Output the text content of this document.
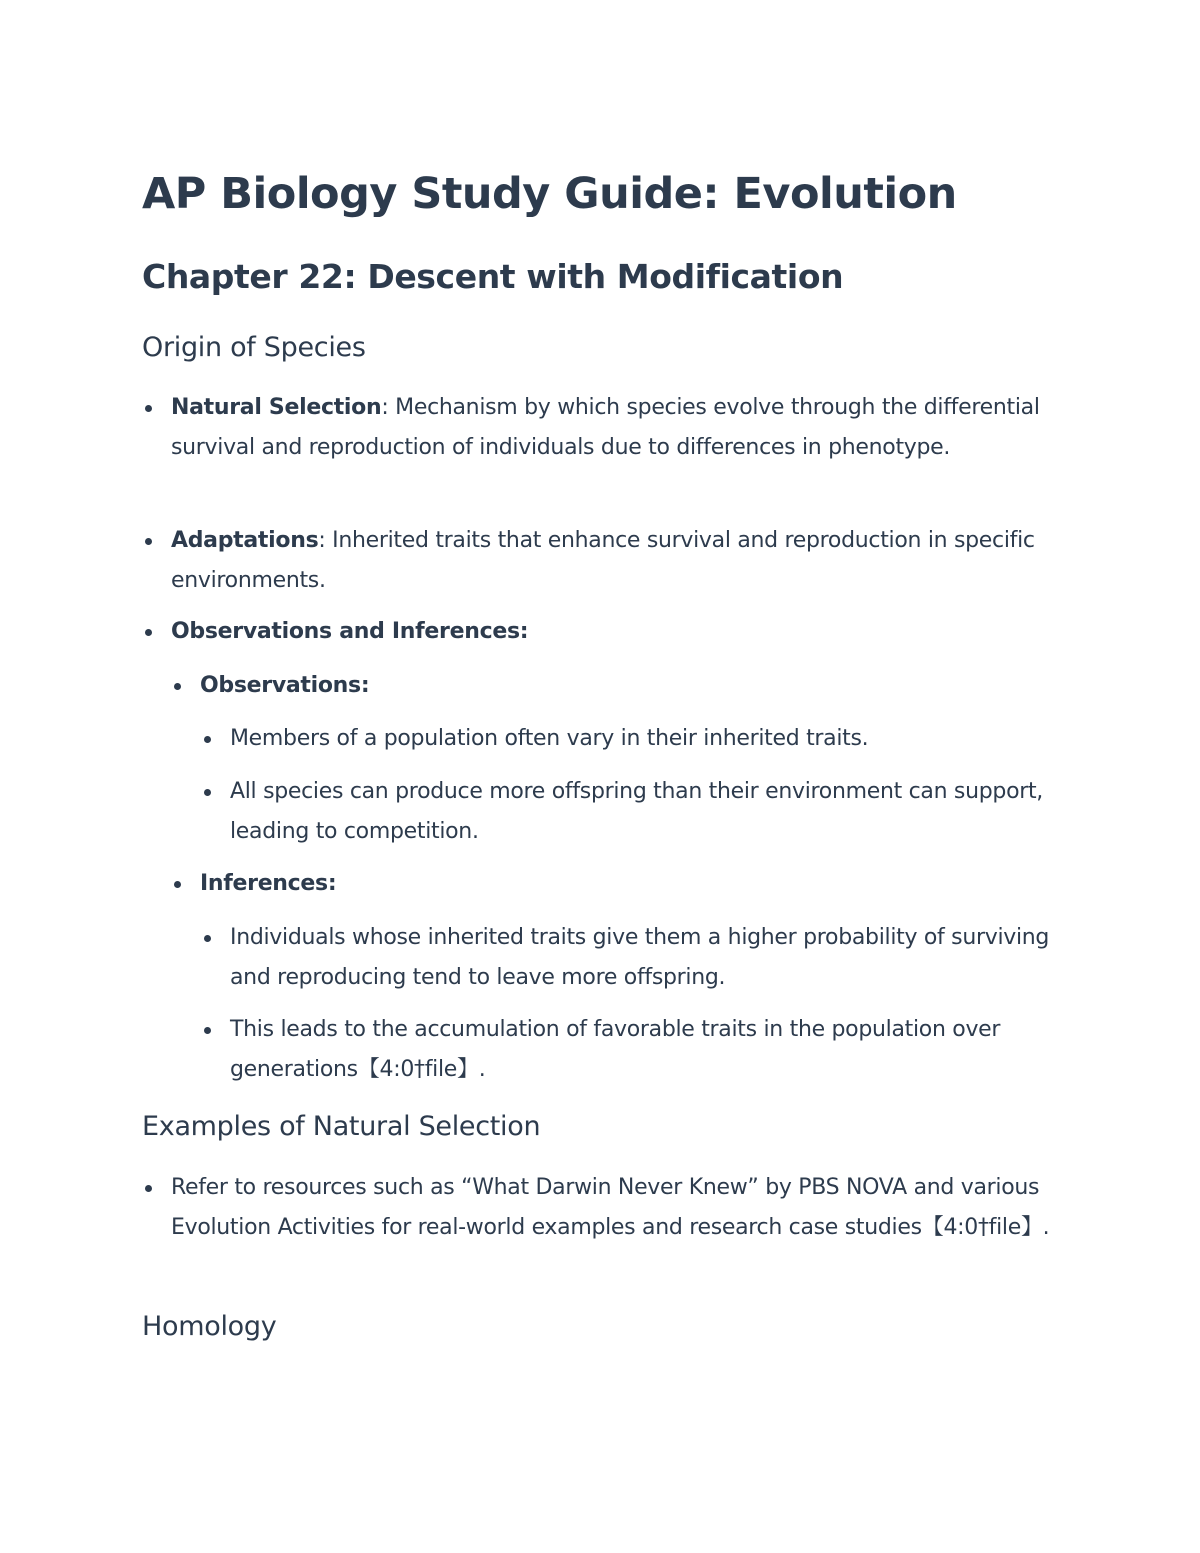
AP Biology Study Guide: Evolution
Chapter 22: Descent with Modification
Origin of Species

Natural Selection: Mechanism by which species evolve through the differential survival and reproduction of individuals due to differences in phenotype.

Adaptations: Inherited traits that enhance survival and reproduction in specific environments.

Observations and Inferences:

Observations:

Members of a population often vary in their inherited traits.

All species can produce more offspring than their environment can support, leading to competition.

Inferences:

Individuals whose inherited traits give them a higher probability of surviving and reproducing tend to leave more offspring.

This leads to the accumulation of favorable traits in the population over generations【4:0†file】.

Examples of Natural Selection

Refer to resources such as “What Darwin Never Knew” by PBS NOVA and various Evolution Activities for real-world examples and research case studies【4:0†file】.

Homology
